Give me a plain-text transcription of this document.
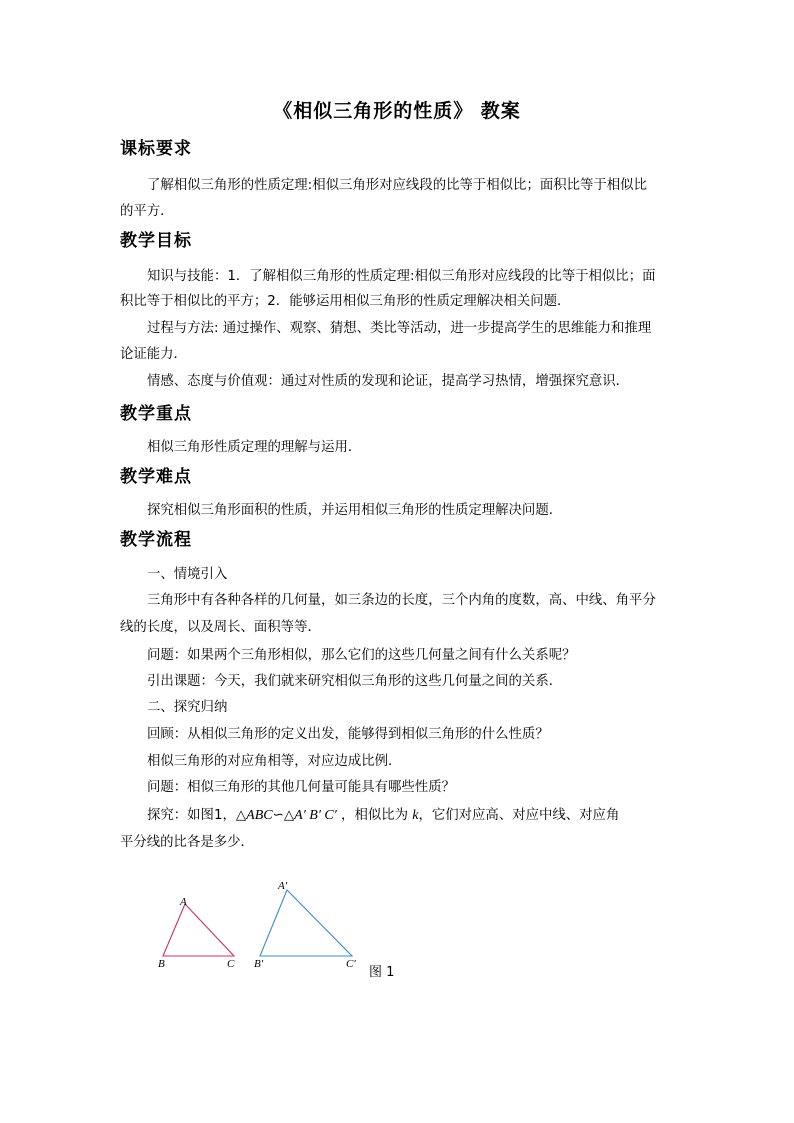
《相似三角形的性质》 教案
课标要求
了解相似三角形的性质定理:相似三角形对应线段的比等于相似比；面积比等于相似比
的平方．
教学目标
知识与技能：1．了解相似三角形的性质定理:相似三角形对应线段的比等于相似比；面
积比等于相似比的平方；2．能够运用相似三角形的性质定理解决相关问题．
过程与方法: 通过操作、观察、猜想、类比等活动，进一步提高学生的思维能力和推理
论证能力．
情感、态度与价值观：通过对性质的发现和论证，提高学习热情，增强探究意识．
教学重点
相似三角形性质定理的理解与运用．
教学难点
探究相似三角形面积的性质，并运用相似三角形的性质定理解决问题．
教学流程
一、情境引入
三角形中有各种各样的几何量，如三条边的长度，三个内角的度数，高、中线、角平分
线的长度，以及周长、面积等等．
问题：如果两个三角形相似，那么它们的这些几何量之间有什么关系呢？
引出课题：今天，我们就来研究相似三角形的这些几何量之间的关系．
二、探究归纳
回顾：从相似三角形的定义出发，能够得到相似三角形的什么性质？
相似三角形的对应角相等，对应边成比例．
问题：相似三角形的其他几何量可能具有哪些性质？
探究：如图1，△ABC∽△A′ B′ C′ ，相似比为 k，它们对应高、对应中线、对应角
平分线的比各是多少．
A
B	C
A′
B′	C′
图 1
